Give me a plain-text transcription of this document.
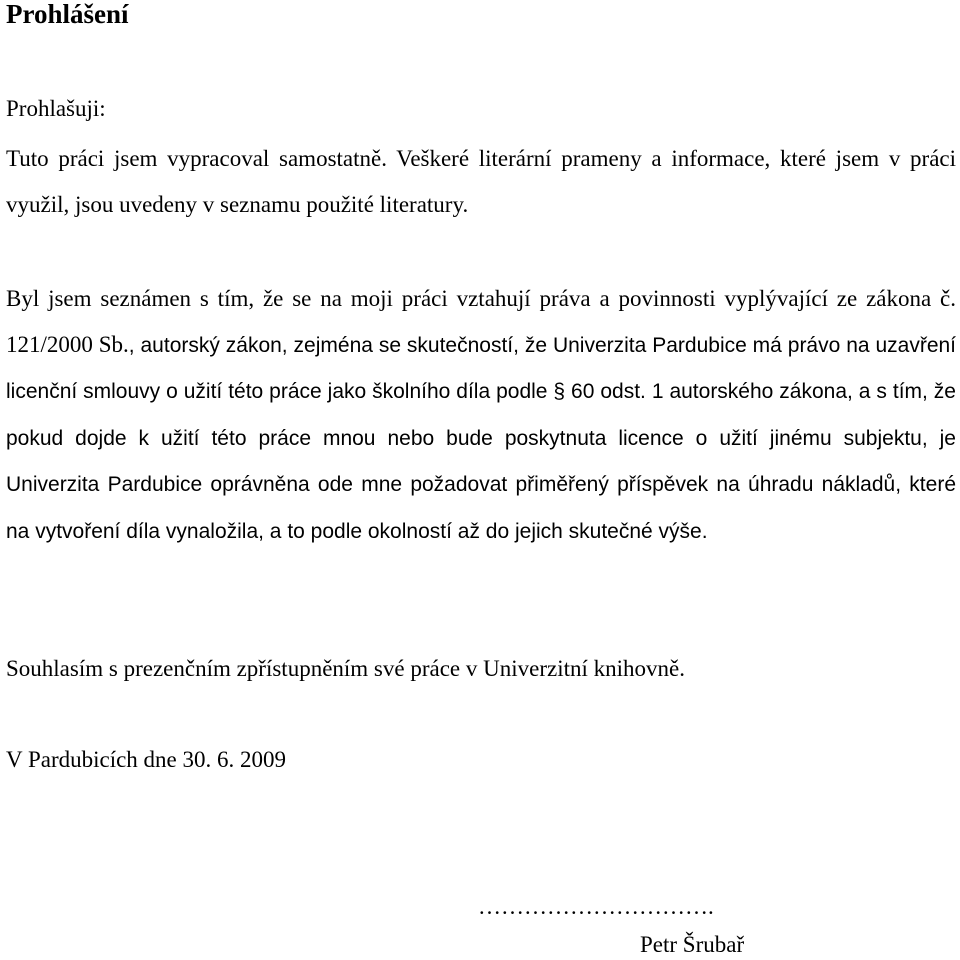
Prohlášení

Prohlašuji:

Tuto práci jsem vypracoval samostatně. Veškeré literární prameny a informace, které jsem v práci využil, jsou uvedeny v seznamu použité literatury.

Byl jsem seznámen s tím, že se na moji práci vztahují práva a povinnosti vyplývající ze zákona č. 121/2000 Sb., autorský zákon, zejména se skutečností, že Univerzita Pardubice má právo na uzavření licenční smlouvy o užití této práce jako školního díla podle § 60 odst. 1 autorského zákona, a s tím, že pokud dojde k užití této práce mnou nebo bude poskytnuta licence o užití jinému subjektu, je Univerzita Pardubice oprávněna ode mne požadovat přiměřený příspěvek na úhradu nákladů, které na vytvoření díla vynaložila, a to podle okolností až do jejich skutečné výše.

Souhlasím s prezenčním zpřístupněním své práce v Univerzitní knihovně.

V Pardubicích dne 30. 6. 2009

………………………….

Petr Šrubař
